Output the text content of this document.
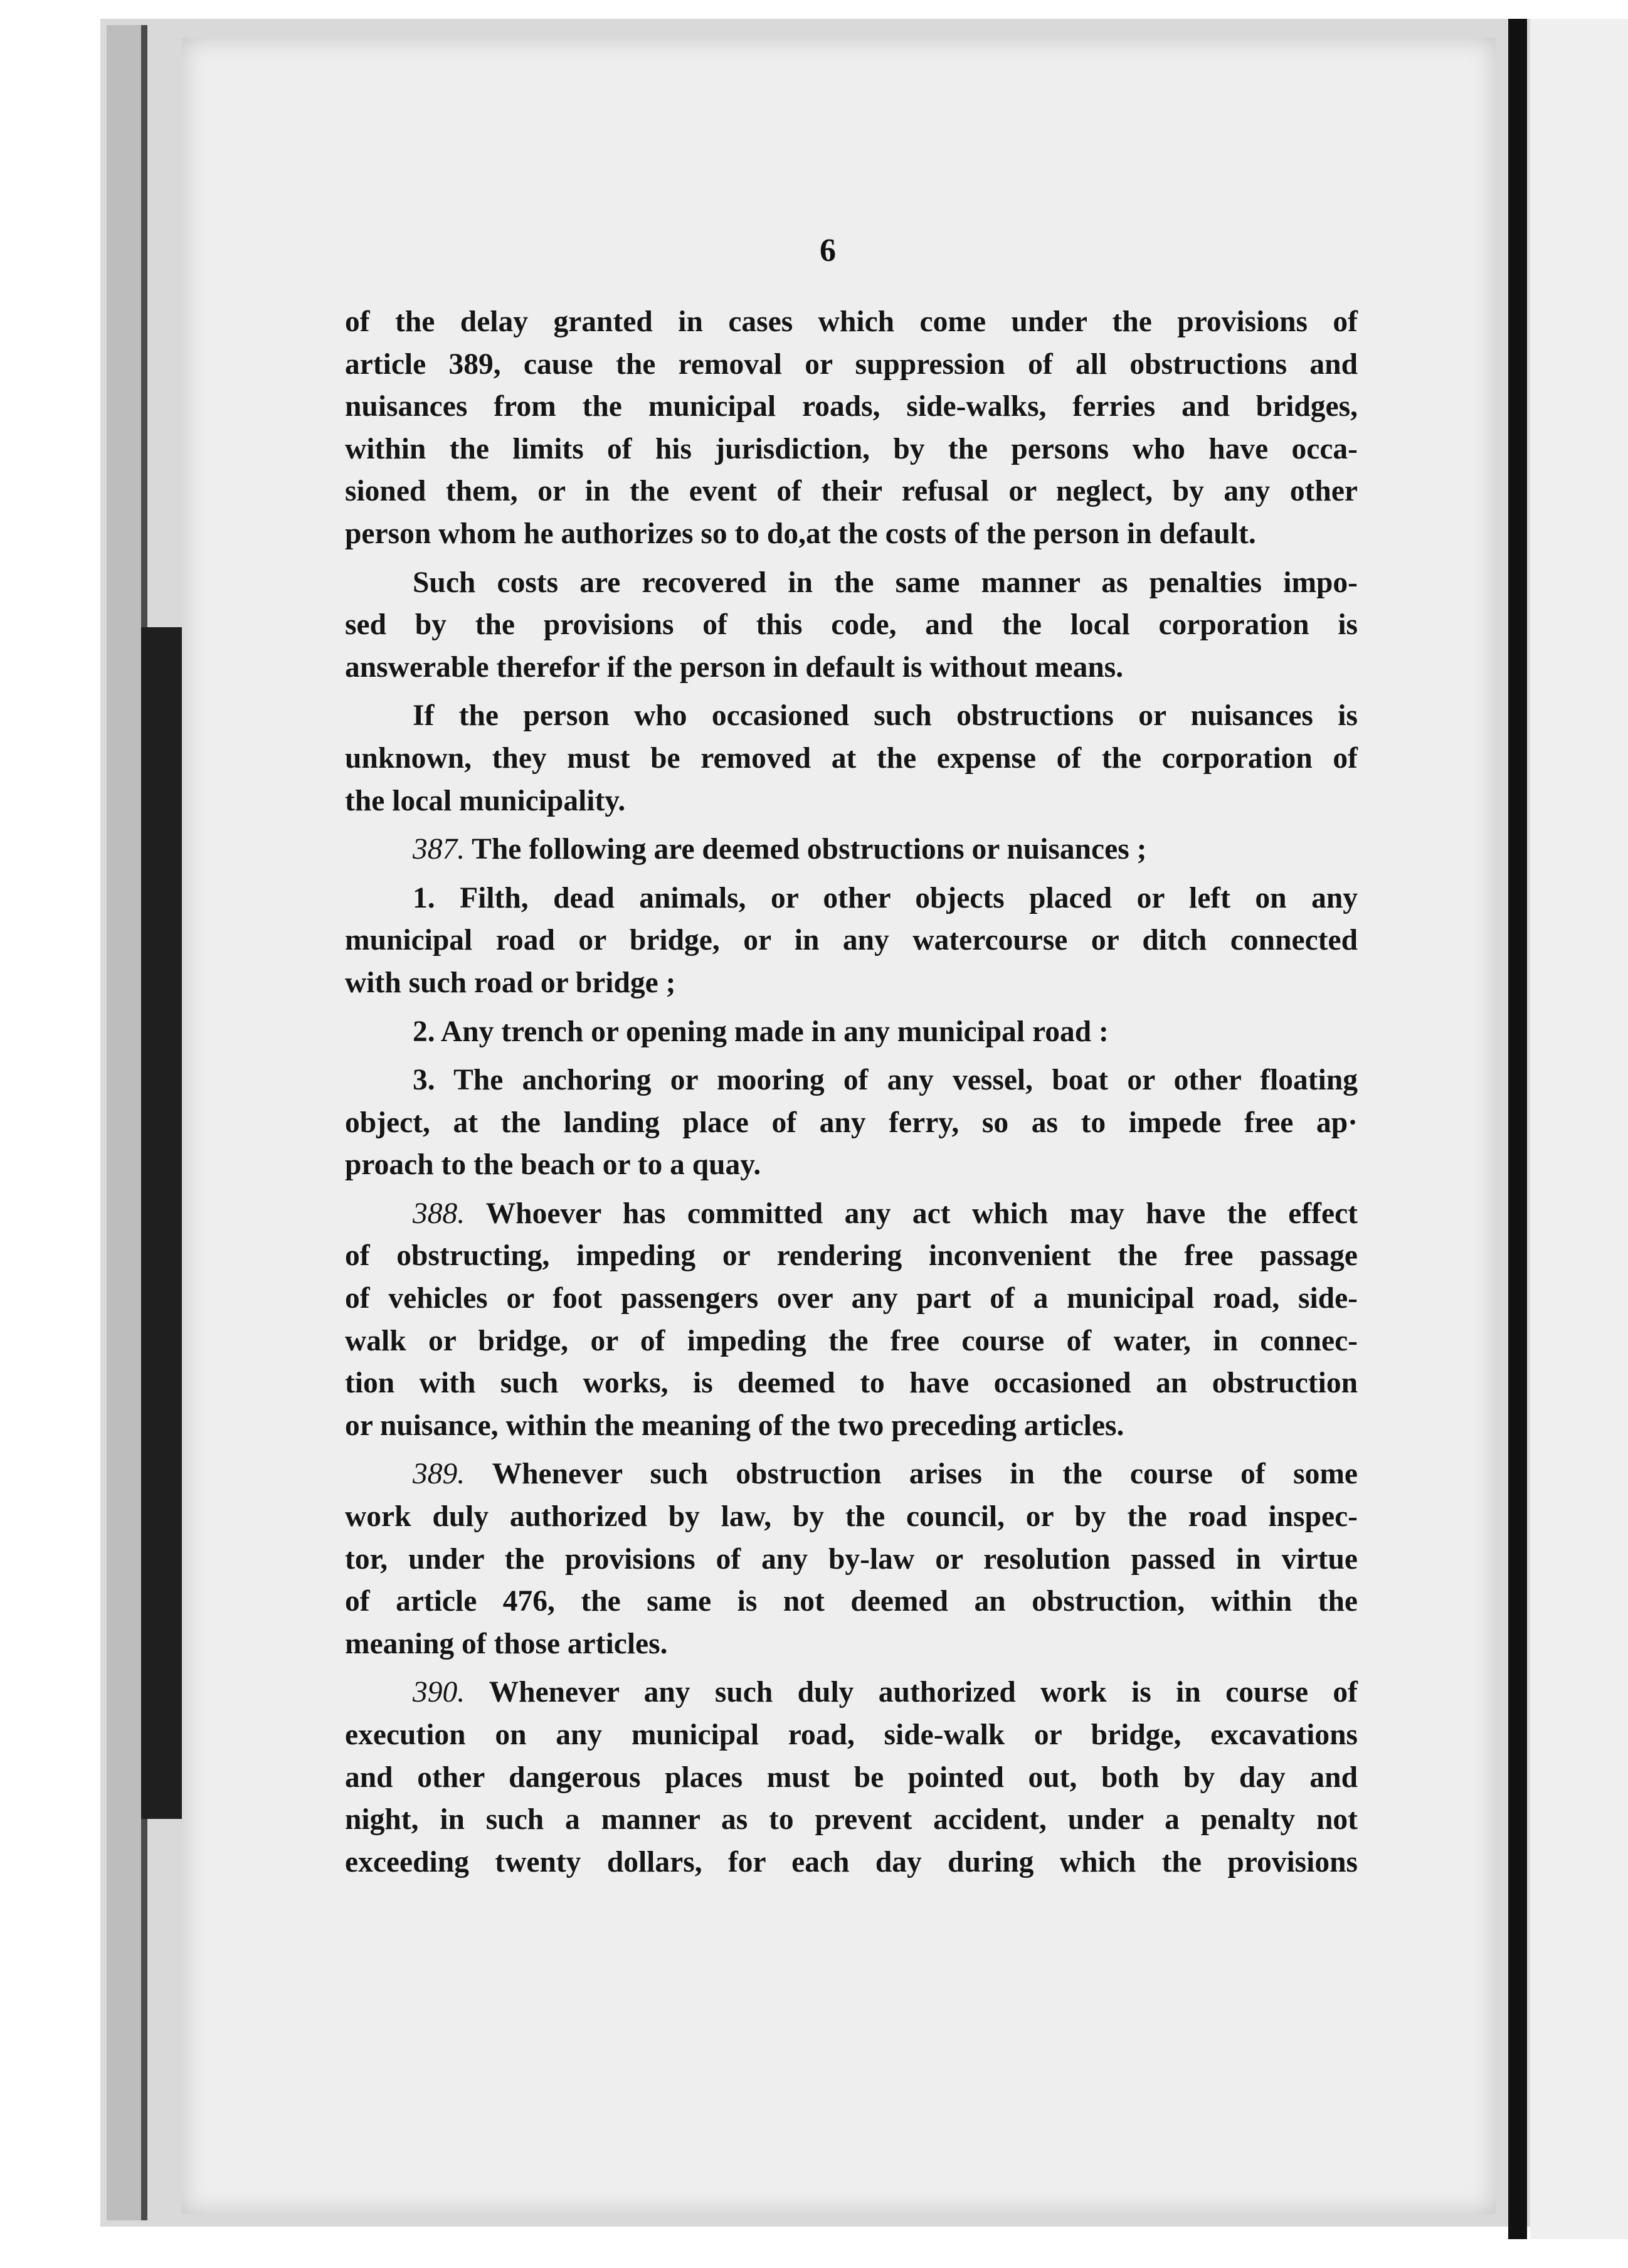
6
of the delay granted in cases which come under the provisions of
article 389, cause the removal or suppression of all obstructions and
nuisances from the municipal roads, side-walks, ferries and bridges,
within the limits of his jurisdiction, by the persons who have occa-
sioned them, or in the event of their refusal or neglect, by any other
person whom he authorizes so to do,at the costs of the person in default.
Such costs are recovered in the same manner as penalties impo-
sed by the provisions of this code, and the local corporation is
answerable therefor if the person in default is without means.
If the person who occasioned such obstructions or nuisances is
unknown, they must be removed at the expense of the corporation of
the local municipality.
387. The following are deemed obstructions or nuisances ;
1. Filth, dead animals, or other objects placed or left on any
municipal road or bridge, or in any watercourse or ditch connected
with such road or bridge ;
2. Any trench or opening made in any municipal road :
3. The anchoring or mooring of any vessel, boat or other floating
object, at the landing place of any ferry, so as to impede free ap·
proach to the beach or to a quay.
388. Whoever has committed any act which may have the effect
of obstructing, impeding or rendering inconvenient the free passage
of vehicles or foot passengers over any part of a municipal road, side-
walk or bridge, or of impeding the free course of water, in connec-
tion with such works, is deemed to have occasioned an obstruction
or nuisance, within the meaning of the two preceding articles.
389. Whenever such obstruction arises in the course of some
work duly authorized by law, by the council, or by the road inspec-
tor, under the provisions of any by-law or resolution passed in virtue
of article 476, the same is not deemed an obstruction, within the
meaning of those articles.
390. Whenever any such duly authorized work is in course of
execution on any municipal road, side-walk or bridge, excavations
and other dangerous places must be pointed out, both by day and
night, in such a manner as to prevent accident, under a penalty not
exceeding twenty dollars, for each day during which the provisions
